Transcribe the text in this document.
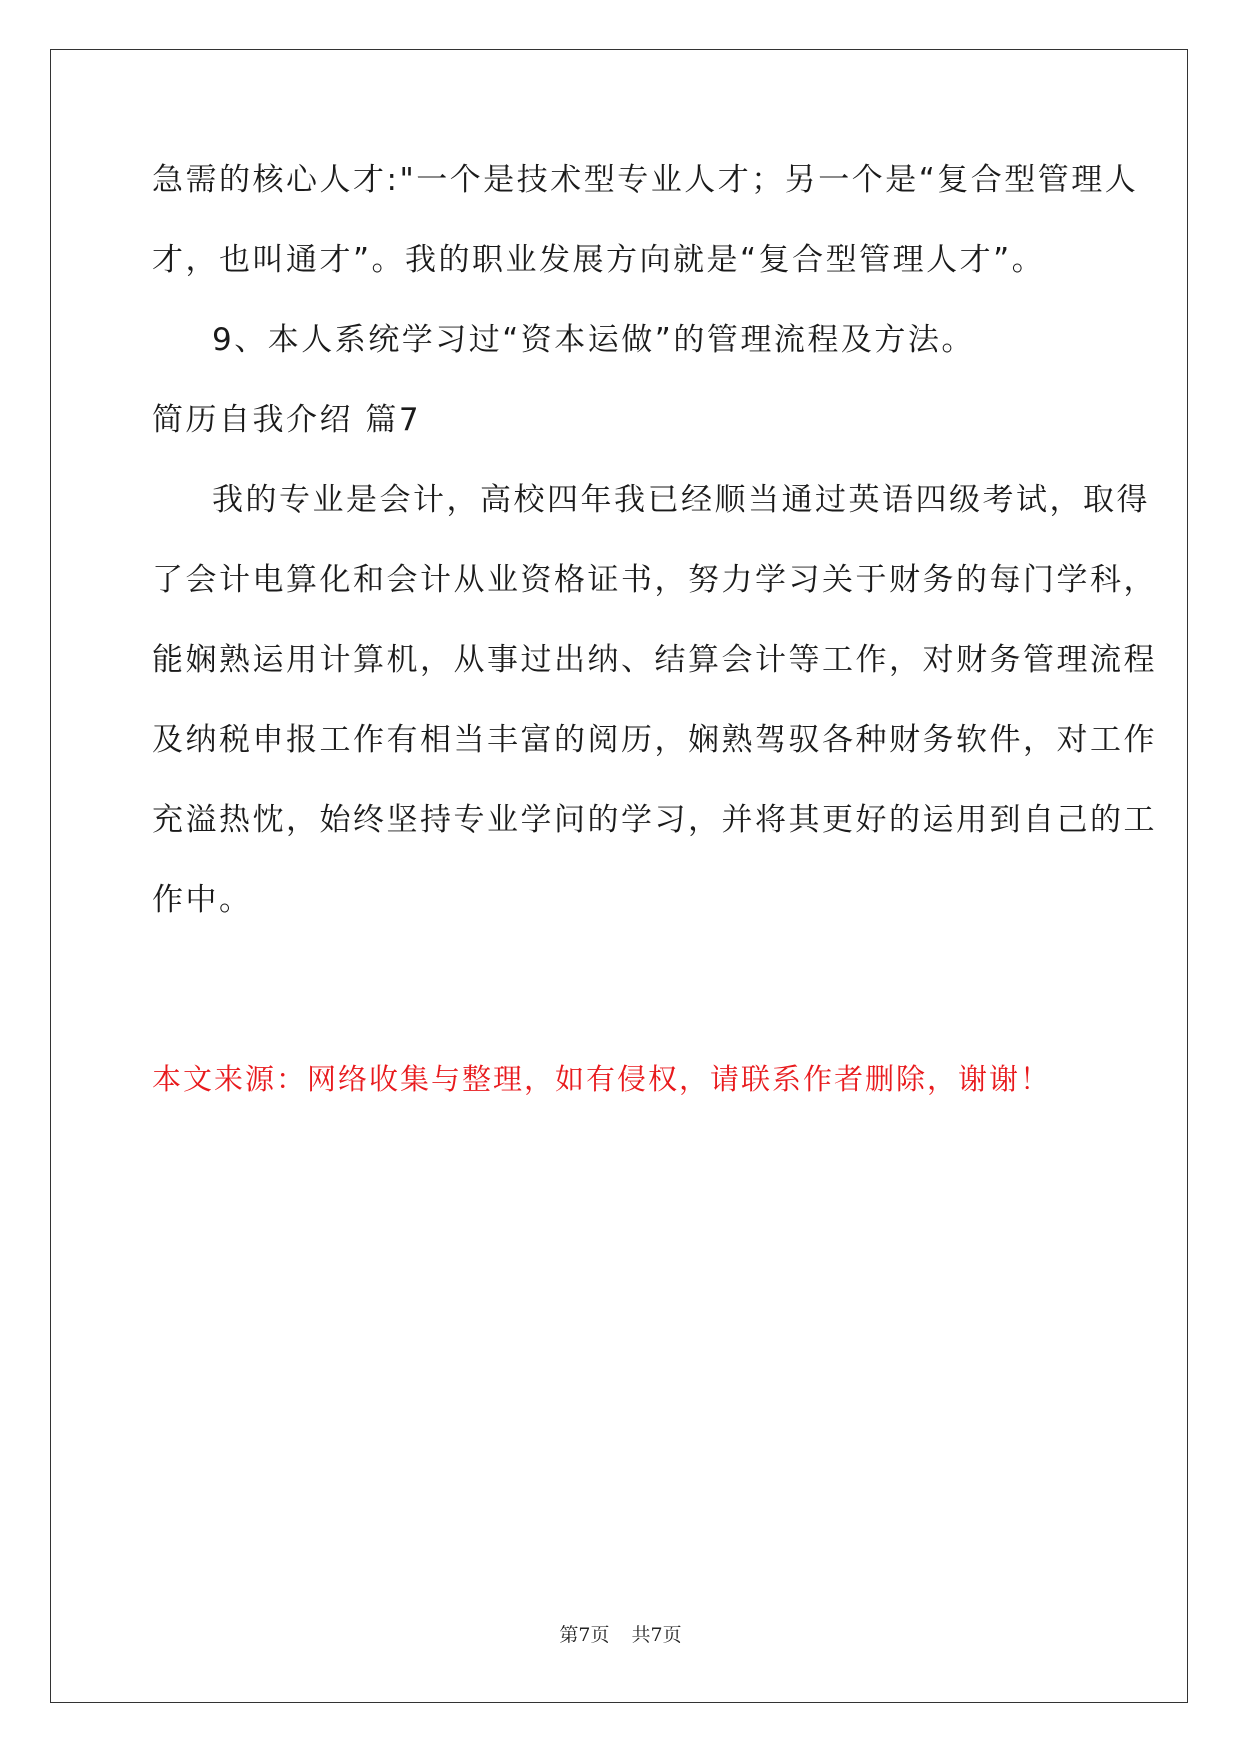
急需的核心人才:"一个是技术型专业人才；另一个是“复合型管理人

才，也叫通才”。我的职业发展方向就是“复合型管理人才”。

9、本人系统学习过“资本运做”的管理流程及方法。

简历自我介绍 篇7

我的专业是会计，高校四年我已经顺当通过英语四级考试，取得

了会计电算化和会计从业资格证书，努力学习关于财务的每门学科，

能娴熟运用计算机，从事过出纳、结算会计等工作，对财务管理流程

及纳税申报工作有相当丰富的阅历，娴熟驾驭各种财务软件，对工作

充溢热忱，始终坚持专业学问的学习，并将其更好的运用到自己的工

作中。

本文来源：网络收集与整理，如有侵权，请联系作者删除，谢谢！
第7页 共7页
